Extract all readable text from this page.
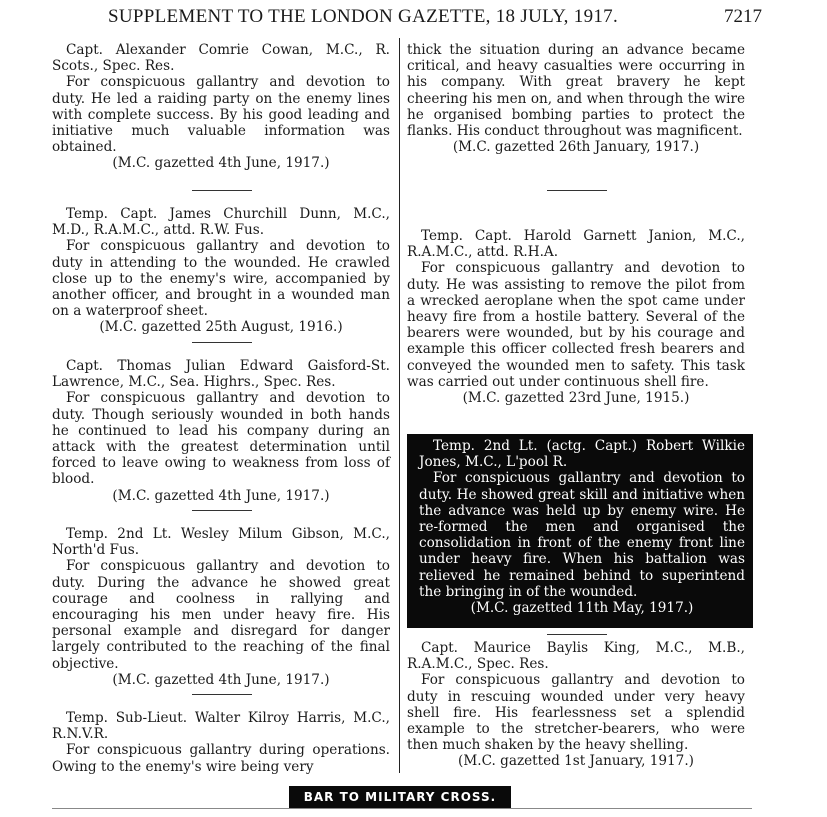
SUPPLEMENT TO THE LONDON GAZETTE, 18 JULY, 1917.	7217
Capt. Alexander Comrie Cowan, M.C., R. Scots., Spec. Res.
For conspicuous gallantry and devotion to duty. He led a raiding party on the enemy lines with complete success. By his good leading and initiative much valuable information was obtained.
(M.C. gazetted 4th June, 1917.)
Temp. Capt. James Churchill Dunn, M.C., M.D., R.A.M.C., attd. R.W. Fus.
For conspicuous gallantry and devotion to duty in attending to the wounded. He crawled close up to the enemy's wire, accompanied by another officer, and brought in a wounded man on a waterproof sheet.
(M.C. gazetted 25th August, 1916.)
Capt. Thomas Julian Edward Gaisford-St. Lawrence, M.C., Sea. Highrs., Spec. Res.
For conspicuous gallantry and devotion to duty. Though seriously wounded in both hands he continued to lead his company during an attack with the greatest determination until forced to leave owing to weakness from loss of blood.
(M.C. gazetted 4th June, 1917.)
Temp. 2nd Lt. Wesley Milum Gibson, M.C., North'd Fus.
For conspicuous gallantry and devotion to duty. During the advance he showed great courage and coolness in rallying and encouraging his men under heavy fire. His personal example and disregard for danger largely contributed to the reaching of the final objective.
(M.C. gazetted 4th June, 1917.)
Temp. Sub-Lieut. Walter Kilroy Harris, M.C., R.N.V.R.
For conspicuous gallantry during operations. Owing to the enemy's wire being very
thick the situation during an advance became critical, and heavy casualties were occurring in his company. With great bravery he kept cheering his men on, and when through the wire he organised bombing parties to protect the flanks. His conduct throughout was magnificent.
(M.C. gazetted 26th January, 1917.)
Temp. Capt. Harold Garnett Janion, M.C., R.A.M.C., attd. R.H.A.
For conspicuous gallantry and devotion to duty. He was assisting to remove the pilot from a wrecked aeroplane when the spot came under heavy fire from a hostile battery. Several of the bearers were wounded, but by his courage and example this officer collected fresh bearers and conveyed the wounded men to safety. This task was carried out under continuous shell fire.
(M.C. gazetted 23rd June, 1915.)
Temp. 2nd Lt. (actg. Capt.) Robert Wilkie Jones, M.C., L'pool R.
For conspicuous gallantry and devotion to duty. He showed great skill and initiative when the advance was held up by enemy wire. He re-formed the men and organised the consolidation in front of the enemy front line under heavy fire. When his battalion was relieved he remained behind to superintend the bringing in of the wounded.
(M.C. gazetted 11th May, 1917.)
Capt. Maurice Baylis King, M.C., M.B., R.A.M.C., Spec. Res.
For conspicuous gallantry and devotion to duty in rescuing wounded under very heavy shell fire. His fearlessness set a splendid example to the stretcher-bearers, who were then much shaken by the heavy shelling.
(M.C. gazetted 1st January, 1917.)
BAR TO MILITARY CROSS.
